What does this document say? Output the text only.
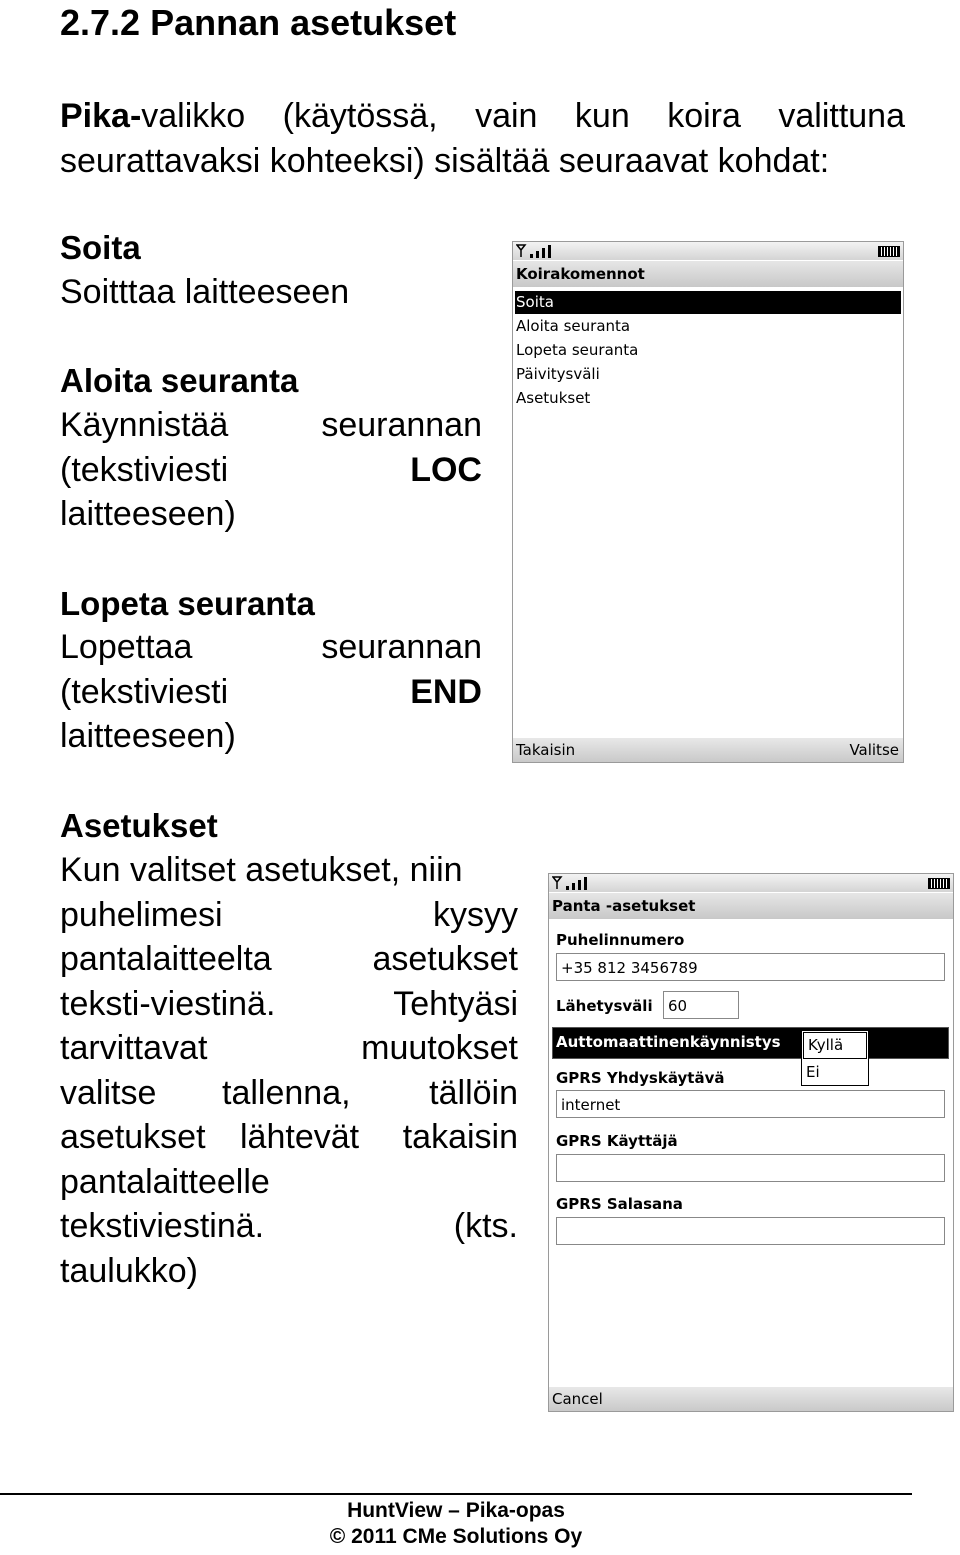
2.7.2 Pannan asetukset
Pika-valikko (käytössä, vain kun koira valittuna seurattavaksi kohteeksi) sisältää seuraavat kohdat:
Soita
Soitttaa laitteeseen
Aloita seuranta
Käynnistää	seurannan
(tekstiviesti	LOC
laitteeseen)
Lopeta seuranta
Lopettaa	seurannan
(tekstiviesti	END
laitteeseen)
Asetukset
Kun valitset asetukset, niin
puhelimesi	kysyy
pantalaitteelta	asetukset
teksti-viestinä.	Tehtyäsi
tarvittavat	muutokset
valitse tallenna, tällöin
asetukset lähtevät takaisin
pantalaitteelle
tekstiviestinä.	(kts.
taulukko)
Koirakomennot
Soita
Aloita seuranta
Lopeta seuranta
Päivitysväli
Asetukset
Takaisin	Valitse
Panta -asetukset
Puhelinnumero
+35 812 3456789
Lähetysväli	60
Auttomaattinenkäynnistys	Kyllä
Ei
GPRS Yhdyskäytävä
internet
GPRS Käyttäjä
GPRS Salasana
Cancel
HuntView – Pika-opas
© 2011 CMe Solutions Oy
